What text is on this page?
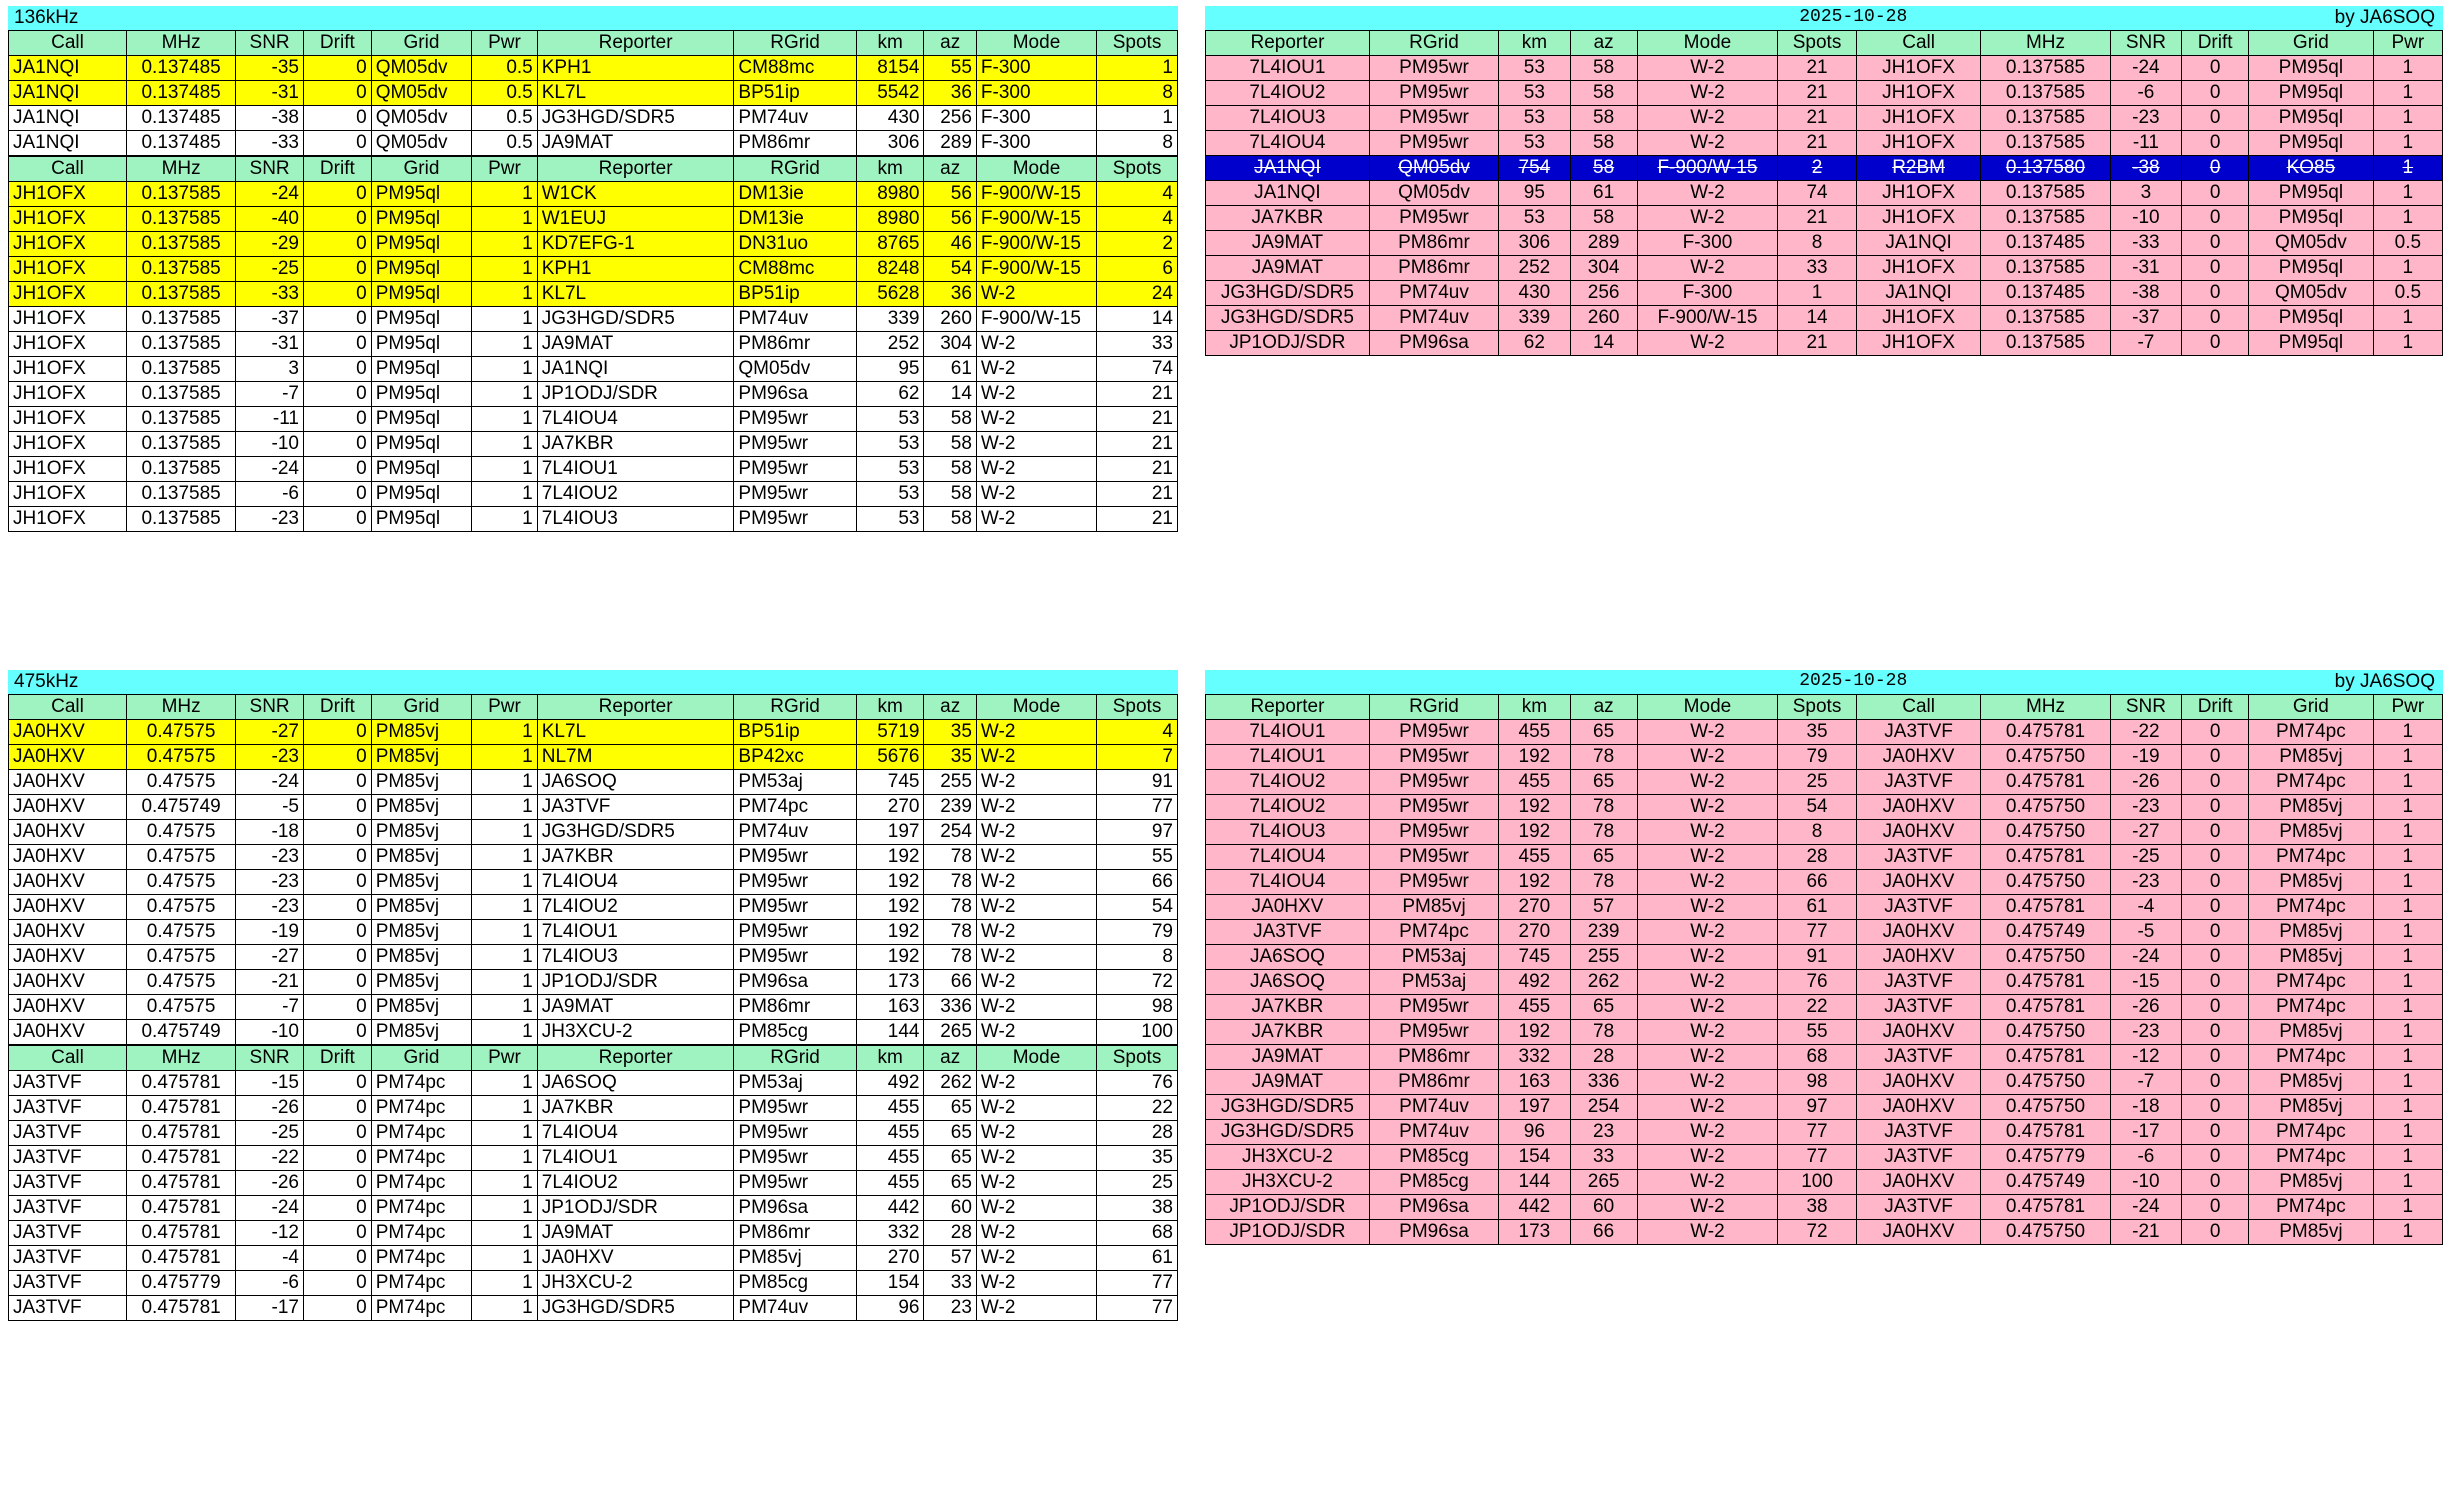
136kHz
Call	MHz	SNR	Drift	Grid	Pwr	Reporter	RGrid	km	az	Mode	Spots
JA1NQI	0.137485	-35	0	QM05dv	0.5	KPH1	CM88mc	8154	55	F-300	1
JA1NQI	0.137485	-31	0	QM05dv	0.5	KL7L	BP51ip	5542	36	F-300	8
JA1NQI	0.137485	-38	0	QM05dv	0.5	JG3HGD/SDR5	PM74uv	430	256	F-300	1
JA1NQI	0.137485	-33	0	QM05dv	0.5	JA9MAT	PM86mr	306	289	F-300	8
Call	MHz	SNR	Drift	Grid	Pwr	Reporter	RGrid	km	az	Mode	Spots
JH1OFX	0.137585	-24	0	PM95ql	1	W1CK	DM13ie	8980	56	F-900/W-15	4
JH1OFX	0.137585	-40	0	PM95ql	1	W1EUJ	DM13ie	8980	56	F-900/W-15	4
JH1OFX	0.137585	-29	0	PM95ql	1	KD7EFG-1	DN31uo	8765	46	F-900/W-15	2
JH1OFX	0.137585	-25	0	PM95ql	1	KPH1	CM88mc	8248	54	F-900/W-15	6
JH1OFX	0.137585	-33	0	PM95ql	1	KL7L	BP51ip	5628	36	W-2	24
JH1OFX	0.137585	-37	0	PM95ql	1	JG3HGD/SDR5	PM74uv	339	260	F-900/W-15	14
JH1OFX	0.137585	-31	0	PM95ql	1	JA9MAT	PM86mr	252	304	W-2	33
JH1OFX	0.137585	3	0	PM95ql	1	JA1NQI	QM05dv	95	61	W-2	74
JH1OFX	0.137585	-7	0	PM95ql	1	JP1ODJ/SDR	PM96sa	62	14	W-2	21
JH1OFX	0.137585	-11	0	PM95ql	1	7L4IOU4	PM95wr	53	58	W-2	21
JH1OFX	0.137585	-10	0	PM95ql	1	JA7KBR	PM95wr	53	58	W-2	21
JH1OFX	0.137585	-24	0	PM95ql	1	7L4IOU1	PM95wr	53	58	W-2	21
JH1OFX	0.137585	-6	0	PM95ql	1	7L4IOU2	PM95wr	53	58	W-2	21
JH1OFX	0.137585	-23	0	PM95ql	1	7L4IOU3	PM95wr	53	58	W-2	21
2025-10-28	by JA6SOQ
Reporter	RGrid	km	az	Mode	Spots	Call	MHz	SNR	Drift	Grid	Pwr
7L4IOU1	PM95wr	53	58	W-2	21	JH1OFX	0.137585	-24	0	PM95ql	1
7L4IOU2	PM95wr	53	58	W-2	21	JH1OFX	0.137585	-6	0	PM95ql	1
7L4IOU3	PM95wr	53	58	W-2	21	JH1OFX	0.137585	-23	0	PM95ql	1
7L4IOU4	PM95wr	53	58	W-2	21	JH1OFX	0.137585	-11	0	PM95ql	1
JA1NQI	QM05dv	754	58	F-900/W-15	2	R2BM	0.137580	-38	0	KO85	1
JA1NQI	QM05dv	95	61	W-2	74	JH1OFX	0.137585	3	0	PM95ql	1
JA7KBR	PM95wr	53	58	W-2	21	JH1OFX	0.137585	-10	0	PM95ql	1
JA9MAT	PM86mr	306	289	F-300	8	JA1NQI	0.137485	-33	0	QM05dv	0.5
JA9MAT	PM86mr	252	304	W-2	33	JH1OFX	0.137585	-31	0	PM95ql	1
JG3HGD/SDR5	PM74uv	430	256	F-300	1	JA1NQI	0.137485	-38	0	QM05dv	0.5
JG3HGD/SDR5	PM74uv	339	260	F-900/W-15	14	JH1OFX	0.137585	-37	0	PM95ql	1
JP1ODJ/SDR	PM96sa	62	14	W-2	21	JH1OFX	0.137585	-7	0	PM95ql	1
475kHz
Call	MHz	SNR	Drift	Grid	Pwr	Reporter	RGrid	km	az	Mode	Spots
JA0HXV	0.47575	-27	0	PM85vj	1	KL7L	BP51ip	5719	35	W-2	4
JA0HXV	0.47575	-23	0	PM85vj	1	NL7M	BP42xc	5676	35	W-2	7
JA0HXV	0.47575	-24	0	PM85vj	1	JA6SOQ	PM53aj	745	255	W-2	91
JA0HXV	0.475749	-5	0	PM85vj	1	JA3TVF	PM74pc	270	239	W-2	77
JA0HXV	0.47575	-18	0	PM85vj	1	JG3HGD/SDR5	PM74uv	197	254	W-2	97
JA0HXV	0.47575	-23	0	PM85vj	1	JA7KBR	PM95wr	192	78	W-2	55
JA0HXV	0.47575	-23	0	PM85vj	1	7L4IOU4	PM95wr	192	78	W-2	66
JA0HXV	0.47575	-23	0	PM85vj	1	7L4IOU2	PM95wr	192	78	W-2	54
JA0HXV	0.47575	-19	0	PM85vj	1	7L4IOU1	PM95wr	192	78	W-2	79
JA0HXV	0.47575	-27	0	PM85vj	1	7L4IOU3	PM95wr	192	78	W-2	8
JA0HXV	0.47575	-21	0	PM85vj	1	JP1ODJ/SDR	PM96sa	173	66	W-2	72
JA0HXV	0.47575	-7	0	PM85vj	1	JA9MAT	PM86mr	163	336	W-2	98
JA0HXV	0.475749	-10	0	PM85vj	1	JH3XCU-2	PM85cg	144	265	W-2	100
Call	MHz	SNR	Drift	Grid	Pwr	Reporter	RGrid	km	az	Mode	Spots
JA3TVF	0.475781	-15	0	PM74pc	1	JA6SOQ	PM53aj	492	262	W-2	76
JA3TVF	0.475781	-26	0	PM74pc	1	JA7KBR	PM95wr	455	65	W-2	22
JA3TVF	0.475781	-25	0	PM74pc	1	7L4IOU4	PM95wr	455	65	W-2	28
JA3TVF	0.475781	-22	0	PM74pc	1	7L4IOU1	PM95wr	455	65	W-2	35
JA3TVF	0.475781	-26	0	PM74pc	1	7L4IOU2	PM95wr	455	65	W-2	25
JA3TVF	0.475781	-24	0	PM74pc	1	JP1ODJ/SDR	PM96sa	442	60	W-2	38
JA3TVF	0.475781	-12	0	PM74pc	1	JA9MAT	PM86mr	332	28	W-2	68
JA3TVF	0.475781	-4	0	PM74pc	1	JA0HXV	PM85vj	270	57	W-2	61
JA3TVF	0.475779	-6	0	PM74pc	1	JH3XCU-2	PM85cg	154	33	W-2	77
JA3TVF	0.475781	-17	0	PM74pc	1	JG3HGD/SDR5	PM74uv	96	23	W-2	77
2025-10-28	by JA6SOQ
Reporter	RGrid	km	az	Mode	Spots	Call	MHz	SNR	Drift	Grid	Pwr
7L4IOU1	PM95wr	455	65	W-2	35	JA3TVF	0.475781	-22	0	PM74pc	1
7L4IOU1	PM95wr	192	78	W-2	79	JA0HXV	0.475750	-19	0	PM85vj	1
7L4IOU2	PM95wr	455	65	W-2	25	JA3TVF	0.475781	-26	0	PM74pc	1
7L4IOU2	PM95wr	192	78	W-2	54	JA0HXV	0.475750	-23	0	PM85vj	1
7L4IOU3	PM95wr	192	78	W-2	8	JA0HXV	0.475750	-27	0	PM85vj	1
7L4IOU4	PM95wr	455	65	W-2	28	JA3TVF	0.475781	-25	0	PM74pc	1
7L4IOU4	PM95wr	192	78	W-2	66	JA0HXV	0.475750	-23	0	PM85vj	1
JA0HXV	PM85vj	270	57	W-2	61	JA3TVF	0.475781	-4	0	PM74pc	1
JA3TVF	PM74pc	270	239	W-2	77	JA0HXV	0.475749	-5	0	PM85vj	1
JA6SOQ	PM53aj	745	255	W-2	91	JA0HXV	0.475750	-24	0	PM85vj	1
JA6SOQ	PM53aj	492	262	W-2	76	JA3TVF	0.475781	-15	0	PM74pc	1
JA7KBR	PM95wr	455	65	W-2	22	JA3TVF	0.475781	-26	0	PM74pc	1
JA7KBR	PM95wr	192	78	W-2	55	JA0HXV	0.475750	-23	0	PM85vj	1
JA9MAT	PM86mr	332	28	W-2	68	JA3TVF	0.475781	-12	0	PM74pc	1
JA9MAT	PM86mr	163	336	W-2	98	JA0HXV	0.475750	-7	0	PM85vj	1
JG3HGD/SDR5	PM74uv	197	254	W-2	97	JA0HXV	0.475750	-18	0	PM85vj	1
JG3HGD/SDR5	PM74uv	96	23	W-2	77	JA3TVF	0.475781	-17	0	PM74pc	1
JH3XCU-2	PM85cg	154	33	W-2	77	JA3TVF	0.475779	-6	0	PM74pc	1
JH3XCU-2	PM85cg	144	265	W-2	100	JA0HXV	0.475749	-10	0	PM85vj	1
JP1ODJ/SDR	PM96sa	442	60	W-2	38	JA3TVF	0.475781	-24	0	PM74pc	1
JP1ODJ/SDR	PM96sa	173	66	W-2	72	JA0HXV	0.475750	-21	0	PM85vj	1
